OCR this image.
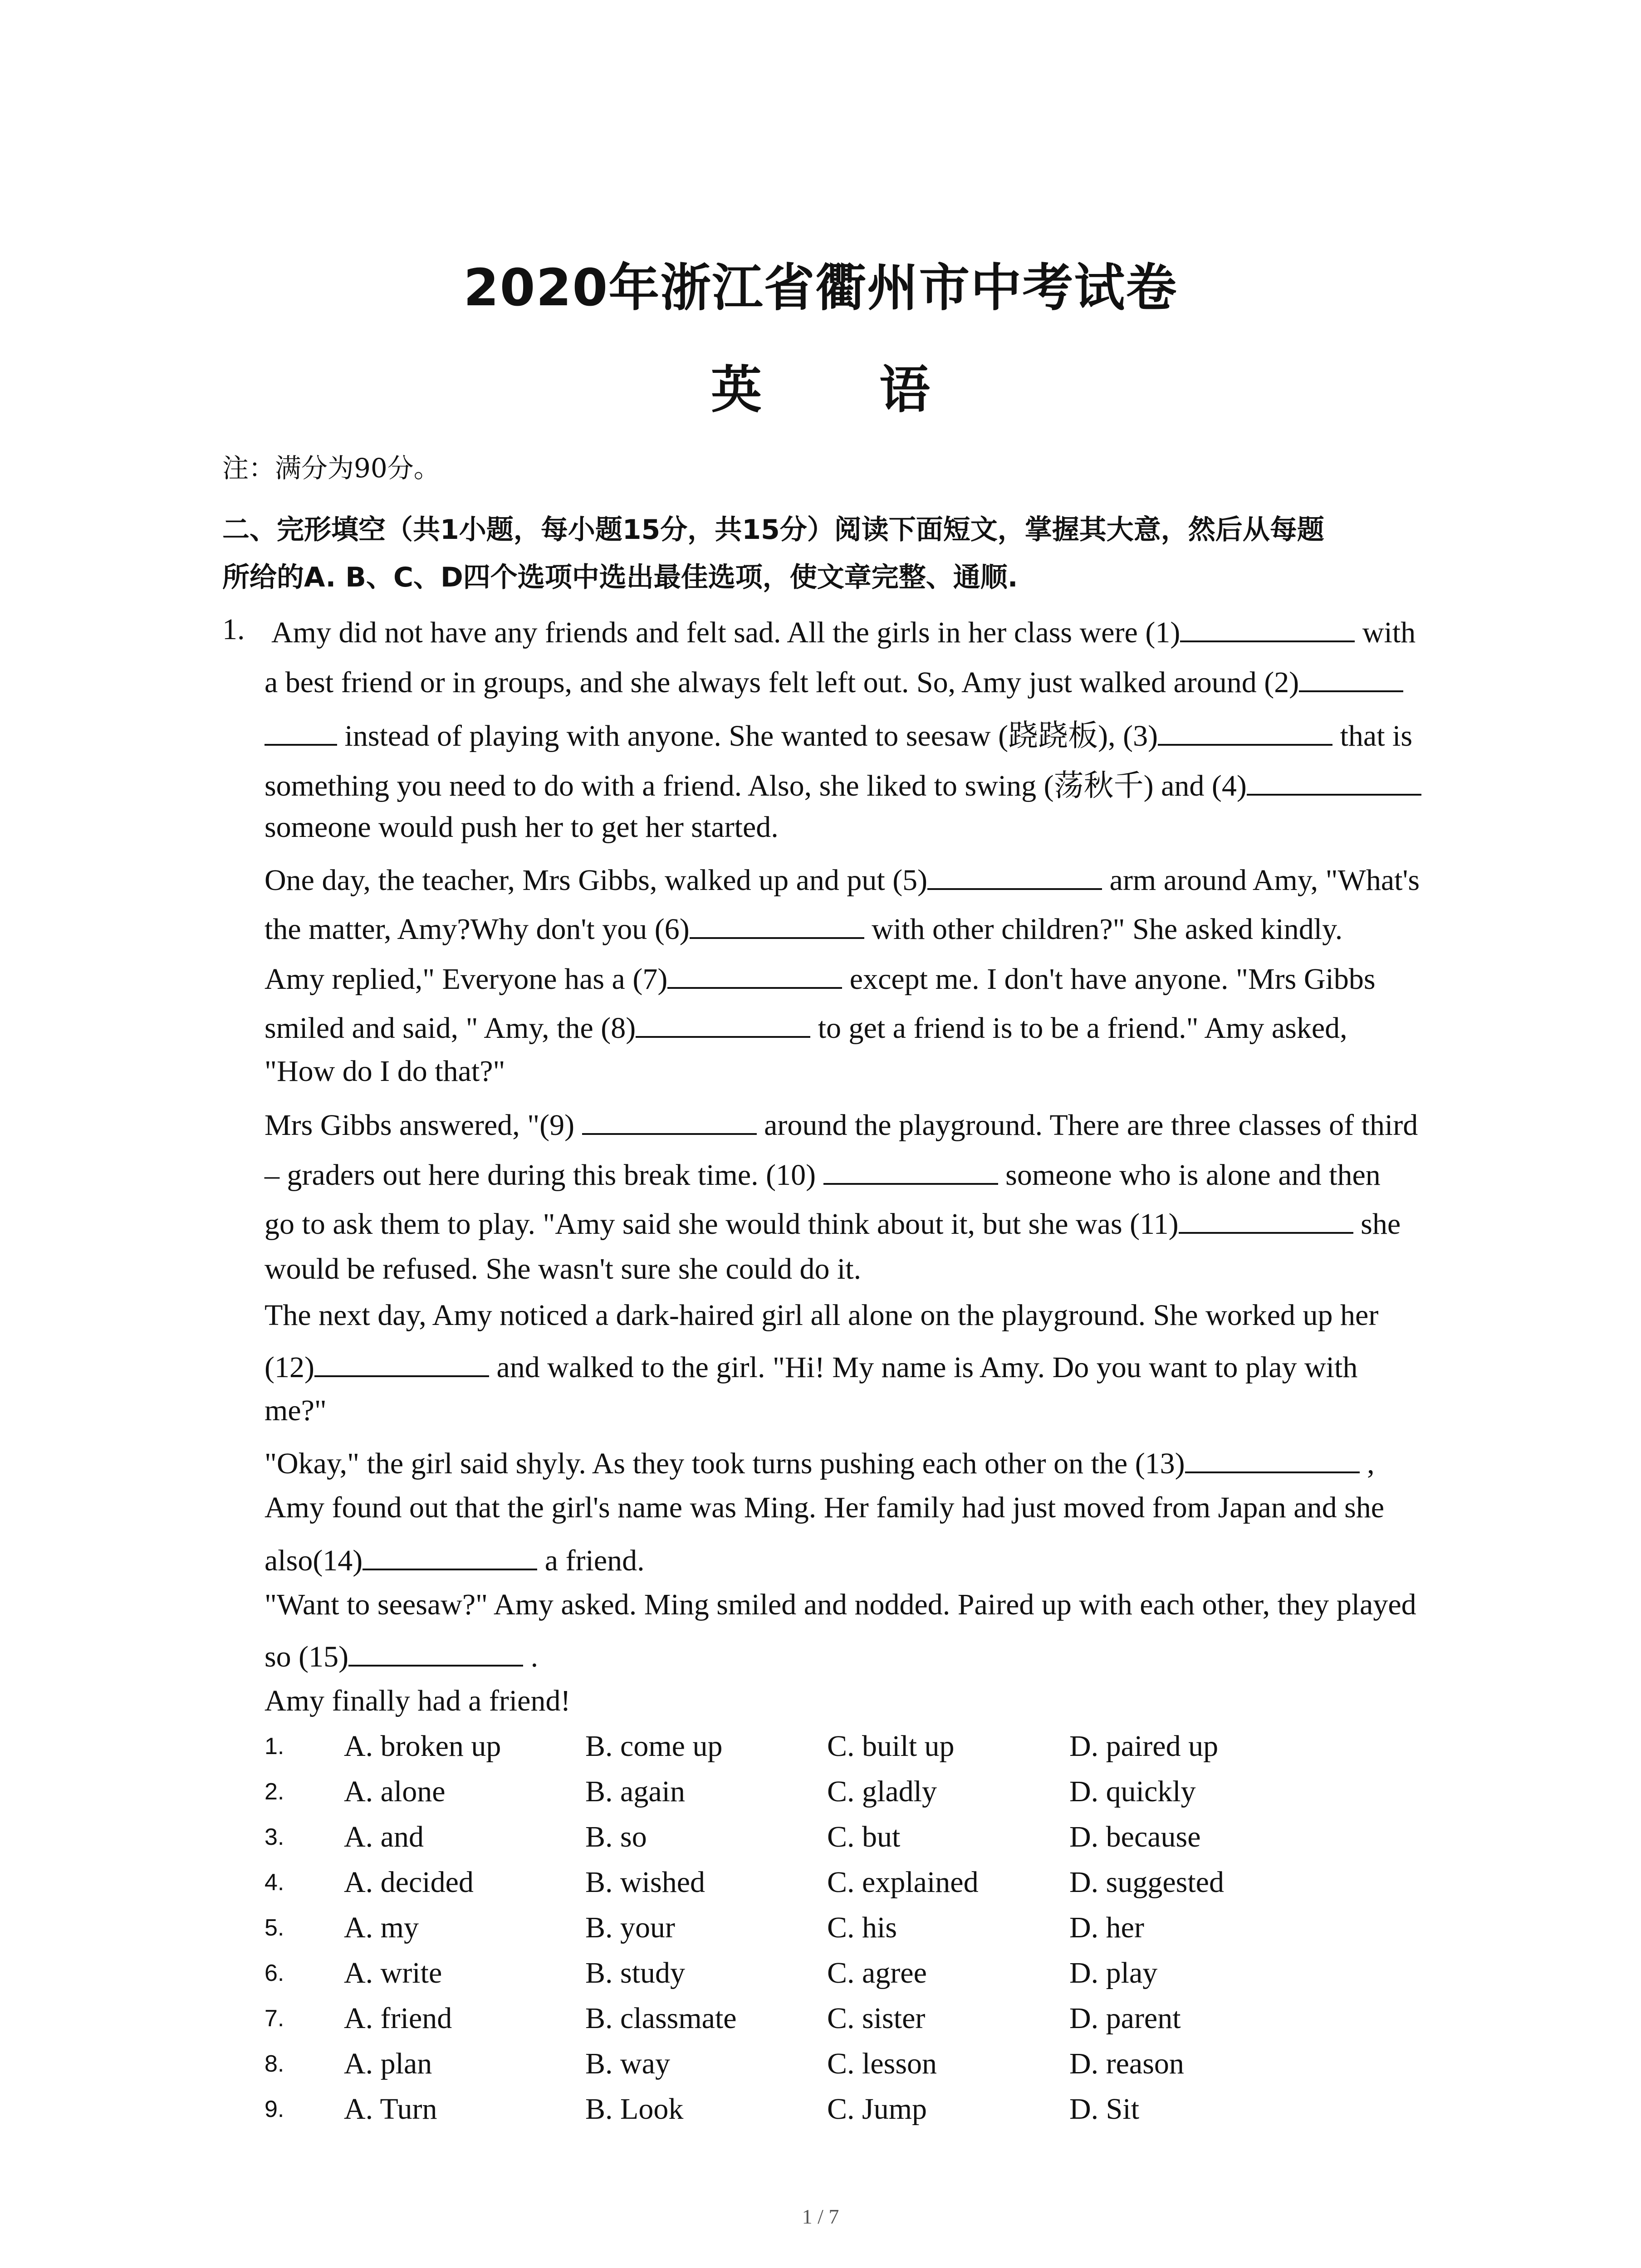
2020年浙江省衢州市中考试卷
英 语
注：满分为90分。
二、完形填空（共1小题，每小题15分，共15分）阅读下面短文，掌握其大意，然后从每题
所给的A. B、C、D四个选项中选出最佳选项，使文章完整、通顺.
1. Amy did not have any friends and felt sad. All the girls in her class were (1)	with
a best friend or in groups, and she always felt left out. So, Amy just walked around (2)
instead of playing with anyone. She wanted to seesaw (跷跷板), (3)	that is
something you need to do with a friend. Also, she liked to swing (荡秋千) and (4)
someone would push her to get her started.
One day, the teacher, Mrs Gibbs, walked up and put (5)	arm around Amy, "What's
the matter, Amy?Why don't you (6)	with other children?" She asked kindly.
Amy replied," Everyone has a (7)	except me. I don't have anyone. "Mrs Gibbs
smiled and said, " Amy, the (8)	to get a friend is to be a friend." Amy asked,
"How do I do that?"
Mrs Gibbs answered, "(9)	around the playground. There are three classes of third
– graders out here during this break time. (10)	someone who is alone and then
go to ask them to play. "Amy said she would think about it, but she was (11)	she
would be refused. She wasn't sure she could do it.
The next day, Amy noticed a dark-haired girl all alone on the playground. She worked up her
(12)	and walked to the girl. "Hi! My name is Amy. Do you want to play with
me?"
"Okay," the girl said shyly. As they took turns pushing each other on the (13)	,
Amy found out that the girl's name was Ming. Her family had just moved from Japan and she
also(14)	a friend.
"Want to seesaw?" Amy asked. Ming smiled and nodded. Paired up with each other, they played
so (15)	.
Amy finally had a friend!
1. A. broken up	B. come up	C. built up	D. paired up
2. A. alone	B. again	C. gladly	D. quickly
3. A. and	B. so	C. but	D. because
4. A. decided	B. wished	C. explained	D. suggested
5. A. my	B. your	C. his	D. her
6. A. write	B. study	C. agree	D. play
7. A. friend	B. classmate	C. sister	D. parent
8. A. plan	B. way	C. lesson	D. reason
9. A. Turn	B. Look	C. Jump	D. Sit
1 / 7
